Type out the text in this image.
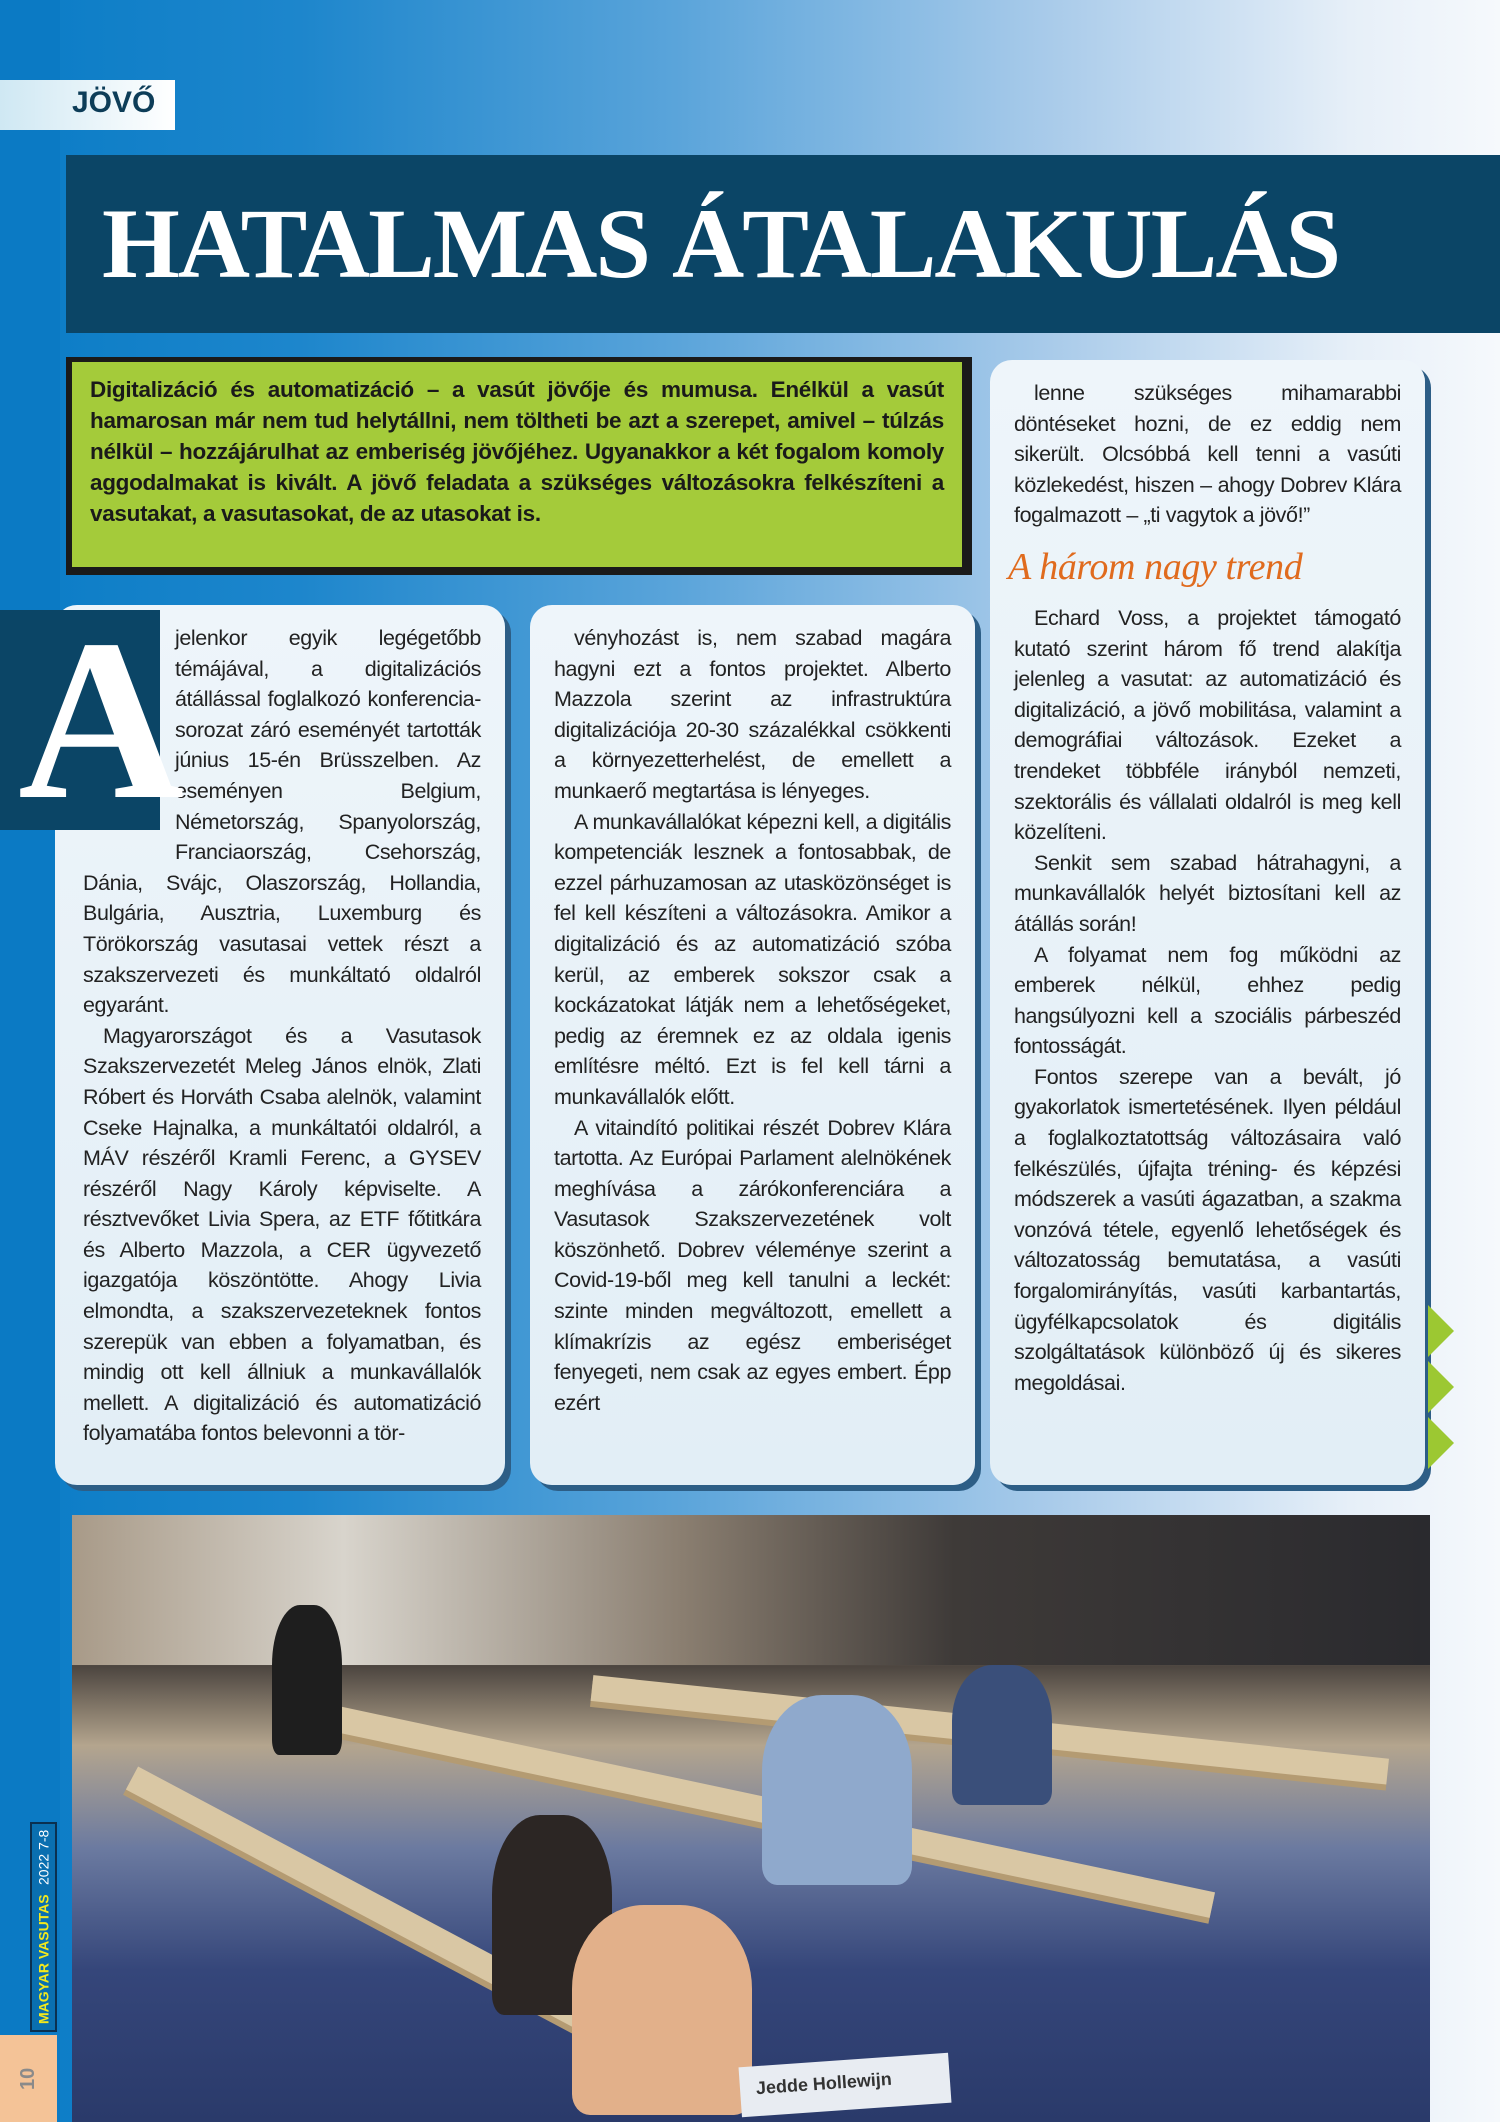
JÖVŐ
HATALMAS ÁTALAKULÁS
Digitalizáció és automatizáció – a vasút jövője és mumusa. Enélkül a vasút hamarosan már nem tud helytállni, nem töltheti be azt a szerepet, amivel – túlzás nélkül – hozzájárulhat az emberiség jövőjéhez. Ugyanakkor a két fogalom komoly aggodalmakat is kivált. A jövő feladata a szükséges változásokra felkészíteni a vasutakat, a vasutasokat, de az utasokat is.
A

jelenkor egyik legégetőbb témájával, a digitalizációs átállással foglalkozó konferencia-sorozat záró eseményét tartották június 15-én Brüsszelben. Az eseményen Belgium, Németország, Spanyolország, Franciaország, Csehország, Dánia, Svájc, Olaszország, Hollandia, Bulgária, Ausztria, Luxemburg és Törökország vasutasai vettek részt a szakszervezeti és munkáltató oldalról egyaránt.

Magyarországot és a Vasutasok Szakszervezetét Meleg János elnök, Zlati Róbert és Horváth Csaba alelnök, valamint Cseke Hajnalka, a munkáltatói oldalról, a MÁV részéről Kramli Ferenc, a GYSEV részéről Nagy Károly képviselte. A résztvevőket Livia Spera, az ETF főtitkára és Alberto Mazzola, a CER ügyvezető igazgatója köszöntötte. Ahogy Livia elmondta, a szakszervezeteknek fontos szerepük van ebben a folyamatban, és mindig ott kell állniuk a munkavállalók mellett. A digitalizáció és automatizáció folyamatába fontos belevonni a tör-

vényhozást is, nem szabad magára hagyni ezt a fontos projektet. Alberto Mazzola szerint az infrastruktúra digitalizációja 20-30 százalékkal csökkenti a környezetterhelést, de emellett a munkaerő megtartása is lényeges.

A munkavállalókat képezni kell, a digitális kompetenciák lesznek a fontosabbak, de ezzel párhuzamosan az utasközönséget is fel kell készíteni a változásokra. Amikor a digitalizáció és az automatizáció szóba kerül, az emberek sokszor csak a kockázatokat látják nem a lehetőségeket, pedig az éremnek ez az oldala igenis említésre méltó. Ezt is fel kell tárni a munkavállalók előtt.

A vitaindító politikai részét Dobrev Klára tartotta. Az Európai Parlament alelnökének meghívása a zárókonferenciára a Vasutasok Szakszervezetének volt köszönhető. Dobrev véleménye szerint a Covid-19-ből meg kell tanulni a leckét: szinte minden megváltozott, emellett a klímakrízis az egész emberiséget fenyegeti, nem csak az egyes embert. Épp ezért

lenne szükséges mihamarabbi döntéseket hozni, de ez eddig nem sikerült. Olcsóbbá kell tenni a vasúti közlekedést, hiszen – ahogy Dobrev Klára fogalmazott – „ti vagytok a jövő!”

A három nagy trend

Echard Voss, a projektet támogató kutató szerint három fő trend alakítja jelenleg a vasutat: az automatizáció és digitalizáció, a jövő mobilitása, valamint a demográfiai változások. Ezeket a trendeket többféle irányból nemzeti, szektorális és vállalati oldalról is meg kell közelíteni.

Senkit sem szabad hátrahagyni, a munkavállalók helyét biztosítani kell az átállás során!

A folyamat nem fog működni az emberek nélkül, ehhez pedig hangsúlyozni kell a szociális párbeszéd fontosságát.

Fontos szerepe van a bevált, jó gyakorlatok ismertetésének. Ilyen például a foglalkoztatottság változásaira való felkészülés, újfajta tréning- és képzési módszerek a vasúti ágazatban, a szakma vonzóvá tétele, egyenlő lehetőségek és változatosság bemutatása, a vasúti forgalomirányítás, vasúti karbantartás, ügyfélkapcsolatok és digitális szolgáltatások különböző új és sikeres megoldásai.

Jedde Hollewijn
MAGYAR VASUTAS 2022 7-8
10
